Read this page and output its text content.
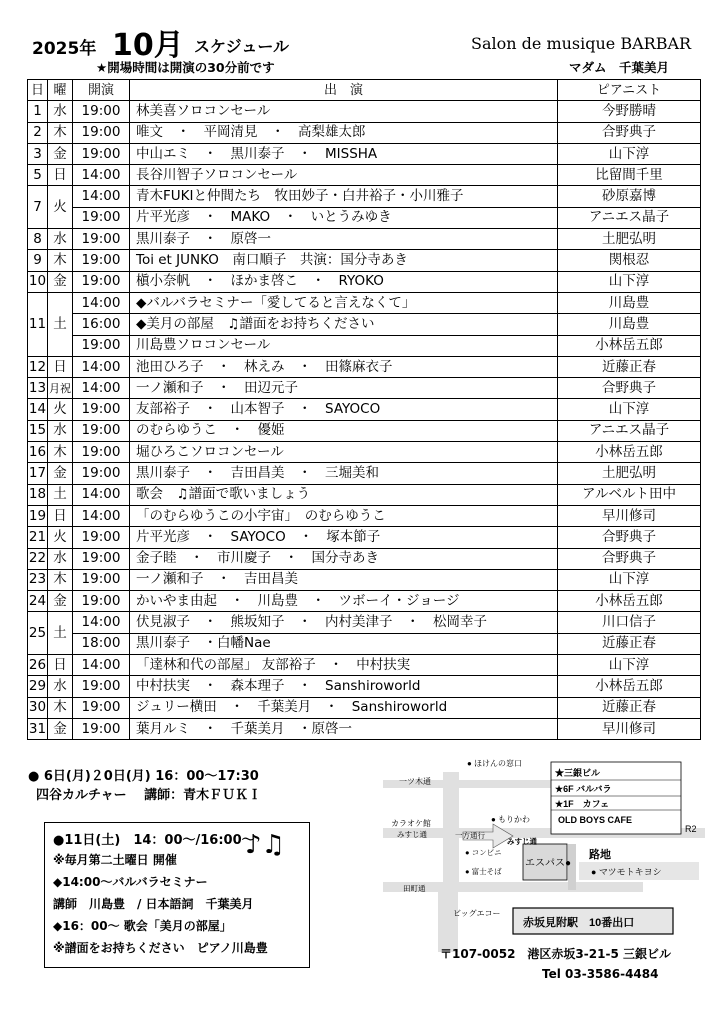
2025年 10月 スケジュール	Salon de musique BARBAR
★開場時間は開演の30分前です	マダム　千葉美月
日	曜	開演	出　演	ピアニスト
1	水	19:00	林美喜ソロコンセール	今野勝晴
2	木	19:00	唯文　・　平岡清見　・　高梨雄太郎	合野典子
3	金	19:00	中山エミ　・　黒川泰子　・　MISSHA	山下淳
5	日	14:00	長谷川智子ソロコンセール	比留間千里
7	火	14:00	青木FUKIと仲間たち　牧田妙子・白井裕子・小川雅子	砂原嘉博
		19:00	片平光彦　・　MAKO　・　いとうみゆき	アニエス晶子
8	水	19:00	黒川泰子　・　原啓一	土肥弘明
9	木	19:00	Toi et JUNKO　南口順子　共演：国分寺あき	関根忍
10	金	19:00	槇小奈帆　・　ほかま啓こ　・　RYOKO	山下淳
11	土	14:00	◆バルバラセミナー「愛してると言えなくて」	川島豊
		16:00	◆美月の部屋　♫譜面をお持ちください	川島豊
		19:00	川島豊ソロコンセール	小林岳五郎
12	日	14:00	池田ひろ子　・　林えみ　・　田篠麻衣子	近藤正春
13	月祝	14:00	一ノ瀬和子　・　田辺元子	合野典子
14	火	19:00	友部裕子　・　山本智子　・　SAYOCO	山下淳
15	水	19:00	のむらゆうこ　・　優姫	アニエス晶子
16	木	19:00	堀ひろこソロコンセール	小林岳五郎
17	金	19:00	黒川泰子　・　吉田昌美　・　三堀美和	土肥弘明
18	土	14:00	歌会　♫譜面で歌いましょう	アルベルト田中
19	日	14:00	「のむらゆうこの小宇宙」　のむらゆうこ	早川修司
21	火	19:00	片平光彦　・　SAYOCO　・　塚本節子	合野典子
22	水	19:00	金子睦　・　市川慶子　・　国分寺あき	合野典子
23	木	19:00	一ノ瀬和子　・　吉田昌美	山下淳
24	金	19:00	かいやま由起　・　川島豊　・　ツボーイ・ジョージ	小林岳五郎
25	土	14:00	伏見淑子　・　熊坂知子　・　内村美津子　・　松岡幸子	川口信子
		18:00	黒川泰子　・白幡Nae	近藤正春
26	日	14:00	「達林和代の部屋」 友部裕子　・　中村扶実	山下淳
29	水	19:00	中村扶実　・　森本理子　・　Sanshiroworld	小林岳五郎
30	木	19:00	ジュリー横田　・　千葉美月　・　Sanshiroworld	近藤正春
31	金	19:00	葉月ルミ　・　千葉美月　・原啓一	早川修司
● 6日(月)２0日(月) 16：00～17:30
四谷カルチャー　 講師：青木ＦＵＫＩ
●11日(土)　14：00～/16:00～
※毎月第二土曜日 開催
◆14:00～バルバラセミナー
講師　川島豊　/ 日本語詞　千葉美月
◆16：00～ 歌会「美月の部屋」
※譜面をお持ちください　ピアノ川島豊
♪♫
● ほけんの窓口
一ツ木通
★三銀ビル
★6F バルバラ
★1F　カフェ
OLD BOYS CAFE
カラオケ館
みすじ通
● もりかわ
一方通行
みすじ通
路地
● コンビニ
● 富士そば
エスパス●
● マツモトキヨシ
田町通
ビッグエコー
赤坂見附駅　10番出口
R2
〒107-0052　港区赤坂3-21-5 三銀ビル
Tel 03-3586-4484
